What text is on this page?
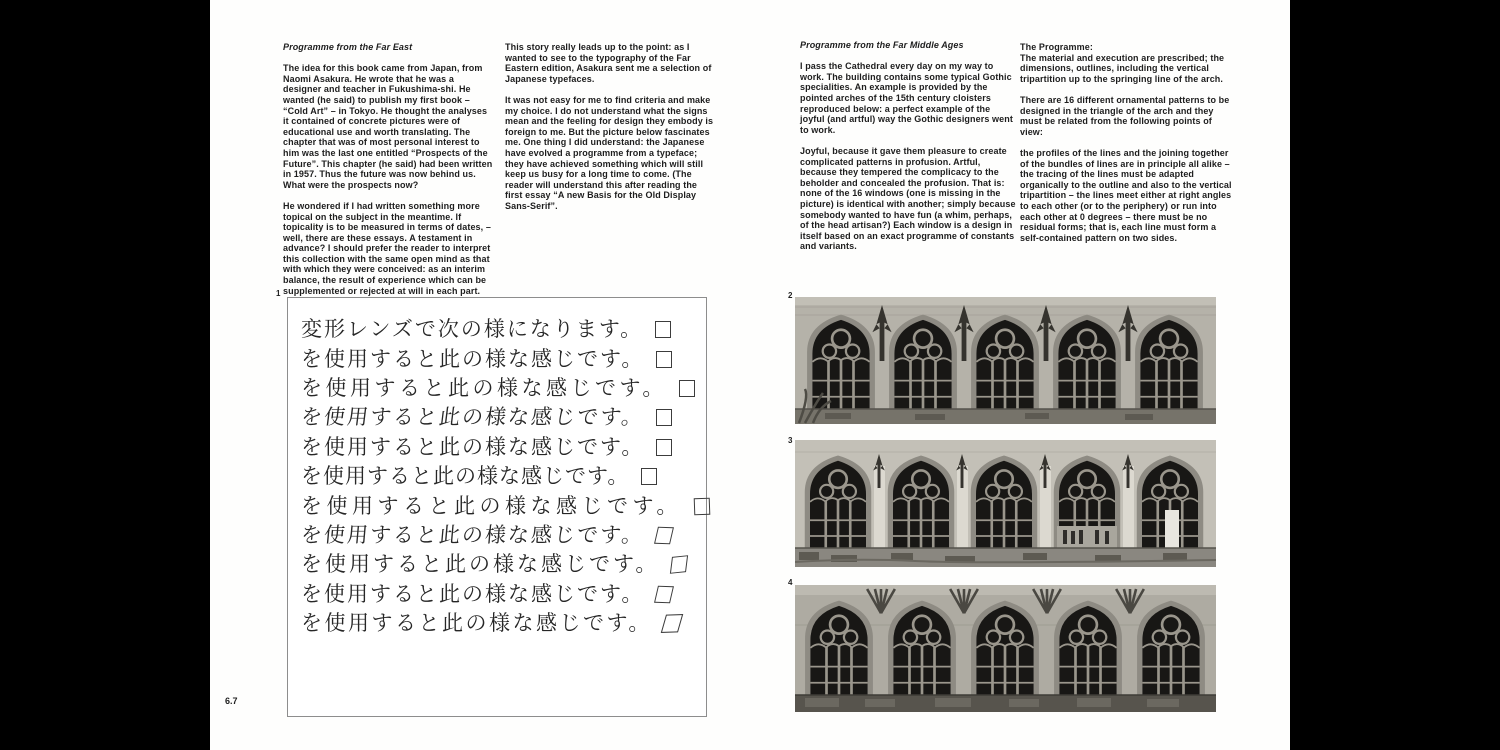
Programme from the Far East

The idea for this book came from Japan, from Naomi Asakura. He wrote that he was a designer and teacher in Fukushima-shi. He wanted (he said) to publish my first book – “Cold Art” – in Tokyo. He thought the analyses it contained of concrete pictures were of educational use and worth translating. The chapter that was of most personal interest to him was the last one entitled “Prospects of the Future”. This chapter (he said) had been written in 1957. Thus the future was now behind us. What were the prospects now?

He wondered if I had written something more topical on the subject in the meantime. If topicality is to be measured in terms of dates, – well, there are these essays. A testament in advance? I should prefer the reader to interpret this collection with the same open mind as that with which they were conceived: as an interim balance, the result of experience which can be supplemented or rejected at will in each part.

This story really leads up to the point: as I wanted to see to the typography of the Far Eastern edition, Asakura sent me a selection of Japanese typefaces.

It was not easy for me to find criteria and make my choice. I do not understand what the signs mean and the feeling for design they embody is foreign to me. But the picture below fascinates me. One thing I did understand: the Japanese have evolved a programme from a typeface; they have achieved something which will still keep us busy for a long time to come. (The reader will understand this after reading the first essay “A new Basis for the Old Display Sans-Serif”.

1
変形レンズで次の様になります。
を使用すると此の様な感じです。
を使用すると此の様な感じです。
を使用すると此の様な感じです。
を使用すると此の様な感じです。
を使用すると此の様な感じです。
を使用すると此の様な感じです。
を使用すると此の様な感じです。
を使用すると此の様な感じです。
を使用すると此の様な感じです。
を使用すると此の様な感じです。
6.7
Programme from the Far Middle Ages

I pass the Cathedral every day on my way to work. The building contains some typical Gothic specialities. An example is provided by the pointed arches of the 15th century cloisters reproduced below: a perfect example of the joyful (and artful) way the Gothic designers went to work.

Joyful, because it gave them pleasure to create complicated patterns in profusion. Artful, because they tempered the complicacy to the beholder and concealed the profusion. That is: none of the 16 windows (one is missing in the picture) is identical with another; simply because somebody wanted to have fun (a whim, perhaps, of the head artisan?) Each window is a design in itself based on an exact programme of constants and variants.

The Programme:

The material and execution are prescribed; the dimensions, outlines, including the vertical tripartition up to the springing line of the arch.

There are 16 different ornamental patterns to be designed in the triangle of the arch and they must be related from the following points of view:

the profiles of the lines and the joining together of the bundles of lines are in principle all alike – the tracing of the lines must be adapted organically to the outline and also to the vertical tripartition – the lines meet either at right angles to each other (or to the periphery) or run into each other at 0 degrees – there must be no residual forms; that is, each line must form a self-contained pattern on two sides.

2
3
4
